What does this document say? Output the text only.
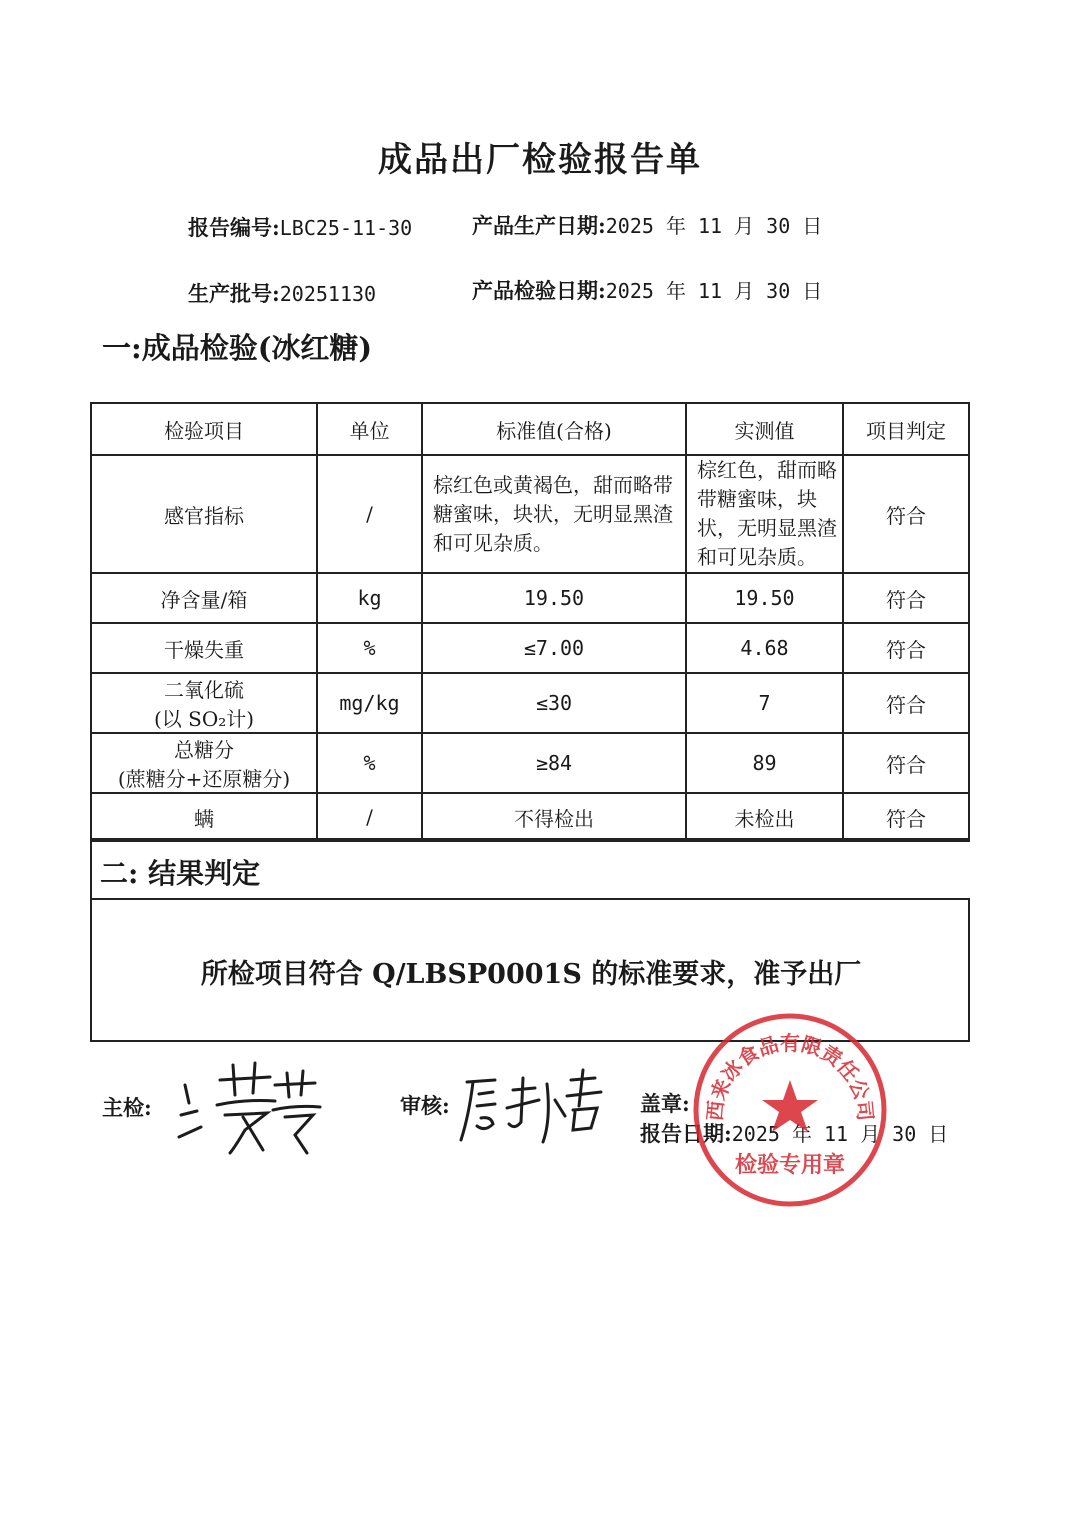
成品出厂检验报告单
报告编号:LBC25-11-30	产品生产日期:2025 年 11 月 30 日
生产批号:20251130	产品检验日期:2025 年 11 月 30 日
一:成品检验(冰红糖)
检验项目	单位	标准值(合格)	实测值	项目判定
感官指标	/	棕红色或黄褐色，甜而略带糖蜜味，块状，无明显黑渣和可见杂质。	棕红色，甜而略带糖蜜味，块状，无明显黑渣和可见杂质。	符合
净含量/箱	kg	19.50	19.50	符合
干燥失重	%	≤7.00	4.68	符合

二氧化硫
(以 SO₂计)	mg/kg	≤30	7	符合

总糖分
(蔗糖分+还原糖分)	%	≥84	89	符合
螨	/	不得检出	未检出	符合
二: 结果判定
所检项目符合 Q/LBSP0001S 的标准要求，准予出厂
主检:	审核:	盖章:
报告日期:2025 年 11 月 30 日
西来冰食品有限责任公司
检验专用章
